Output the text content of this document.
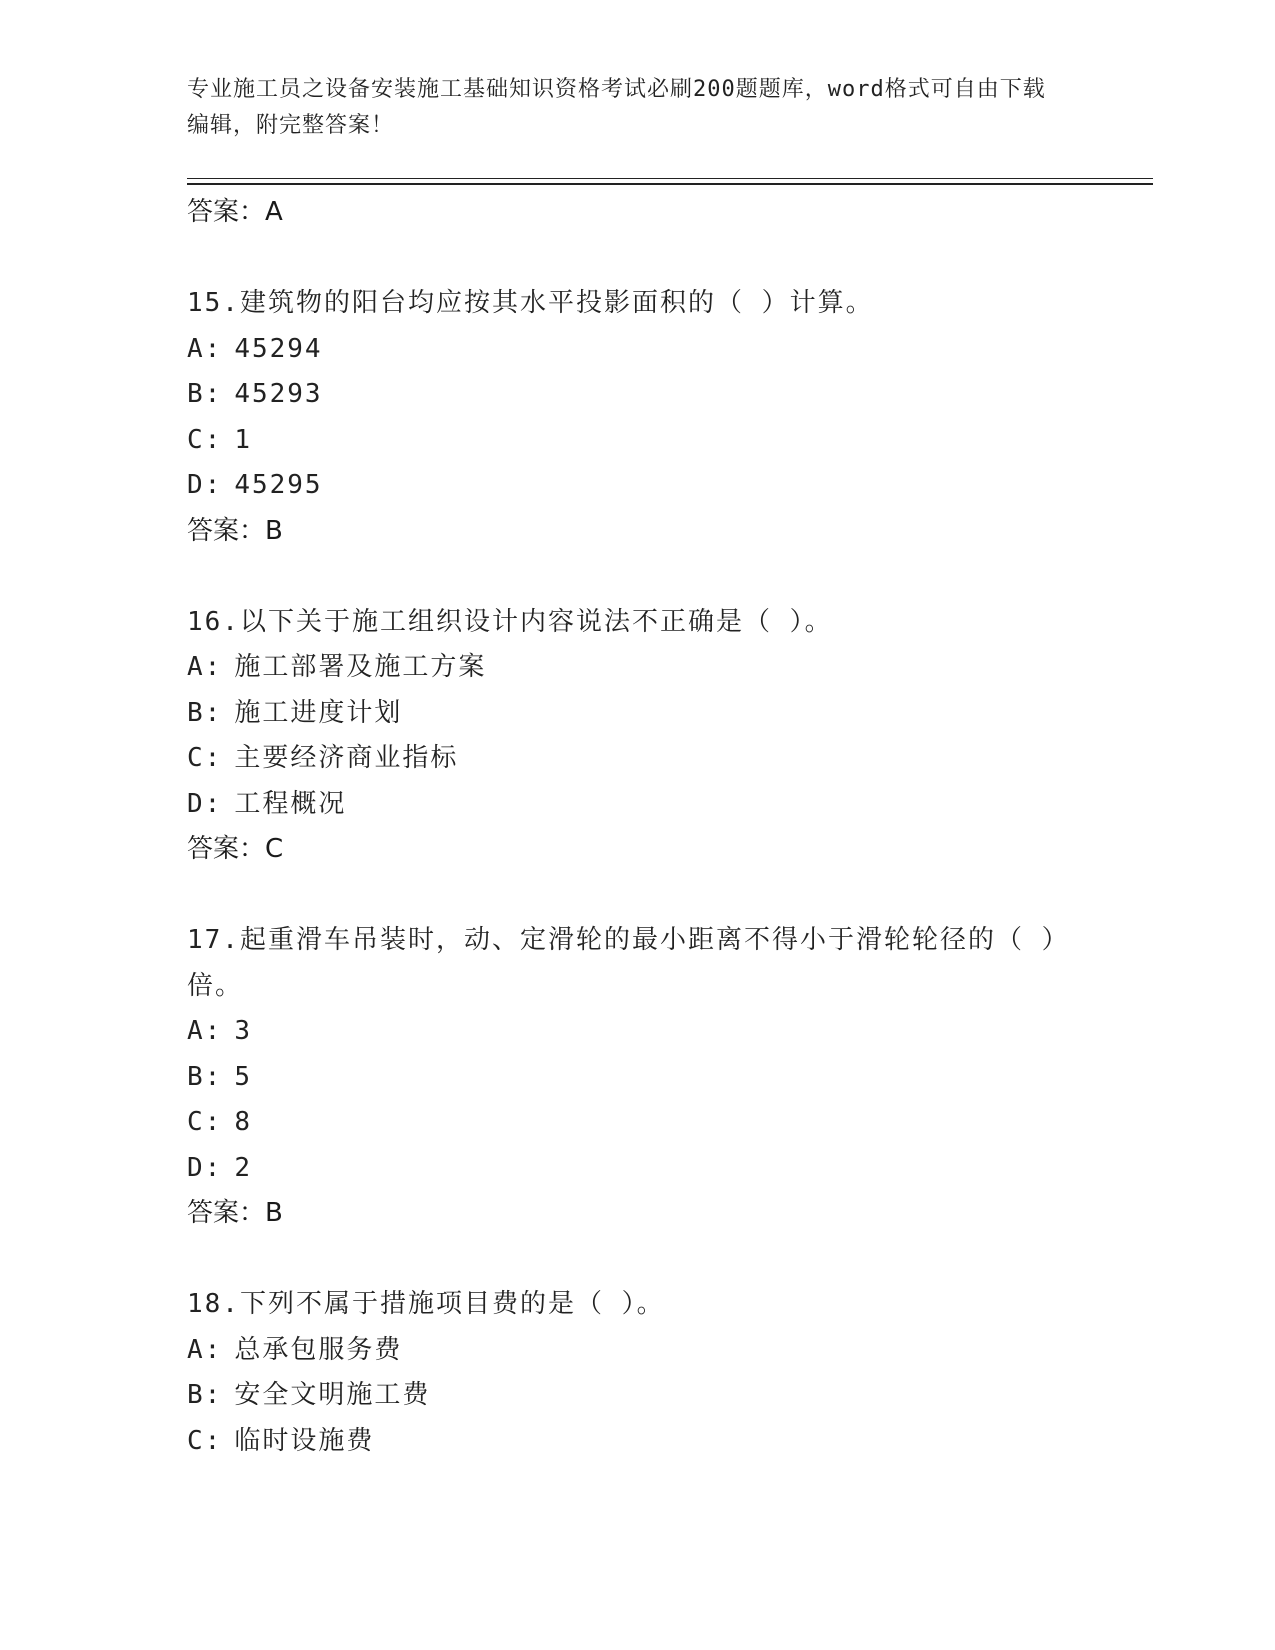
专业施工员之设备安装施工基础知识资格考试必刷200题题库，word格式可自由下载编辑，附完整答案！
答案：A
15.建筑物的阳台均应按其水平投影面积的（ ）计算。
A: 45294
B: 45293
C: 1
D: 45295
答案：B
16.以下关于施工组织设计内容说法不正确是（ ）。
A: 施工部署及施工方案
B: 施工进度计划
C: 主要经济商业指标
D: 工程概况
答案：C
17.起重滑车吊装时，动、定滑轮的最小距离不得小于滑轮轮径的（ ）倍。
A: 3
B: 5
C: 8
D: 2
答案：B
18.下列不属于措施项目费的是（ ）。
A: 总承包服务费
B: 安全文明施工费
C: 临时设施费
